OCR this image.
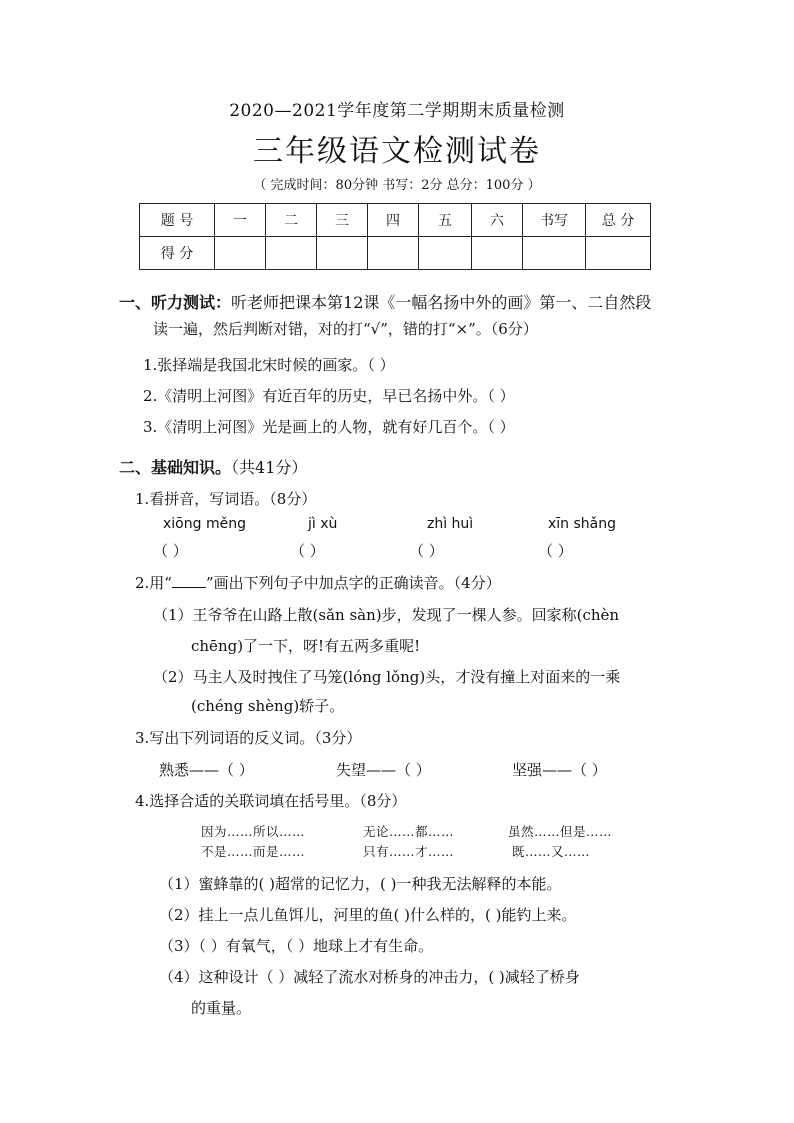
2020—2021学年度第二学期期末质量检测
三年级语文检测试卷
（ 完成时间：80分钟 书写：2分 总分：100分 ）
题 号	一	二	三	四	五	六	书写	总 分
得 分								
一、听力测试：听老师把课本第12课《一幅名扬中外的画》第一、二自然段
读一遍，然后判断对错，对的打“√”，错的打“×”。（6分）
1.张择端是我国北宋时候的画家。（ ）
2.《清明上河图》有近百年的历史，早已名扬中外。（ ）
3.《清明上河图》光是画上的人物，就有好几百个。（ ）
二、基础知识。（共41分）
1.看拼音，写词语。（8分）
xiōng měng	jì xù	zhì huì	xīn shǎng
（ ）	（ ）	（ ）	（ ）
2.用“ ”画出下列句子中加点字的正确读音。（4分）
（1）王爷爷在山路上散(sǎn sàn)步，发现了一棵人参。回家称(chèn
chēng)了一下，呀!有五两多重呢!
（2）马主人及时拽住了马笼(lóng lǒng)头，才没有撞上对面来的一乘
(chéng shèng)轿子。
3.写出下列词语的反义词。（3分）
熟悉——（ ）	失望——（ ）	坚强——（ ）
4.选择合适的关联词填在括号里。（8分）
因为……所以……	无论……都……	虽然……但是……
不是……而是……	只有……才……	既……又……
（1）蜜蜂靠的( )超常的记忆力，( )一种我无法解释的本能。
（2）挂上一点儿鱼饵儿，河里的鱼( )什么样的，( )能钓上来。
（3）（ ）有氧气，（ ）地球上才有生命。
（4）这种设计（ ）减轻了流水对桥身的冲击力，( )减轻了桥身
的重量。
